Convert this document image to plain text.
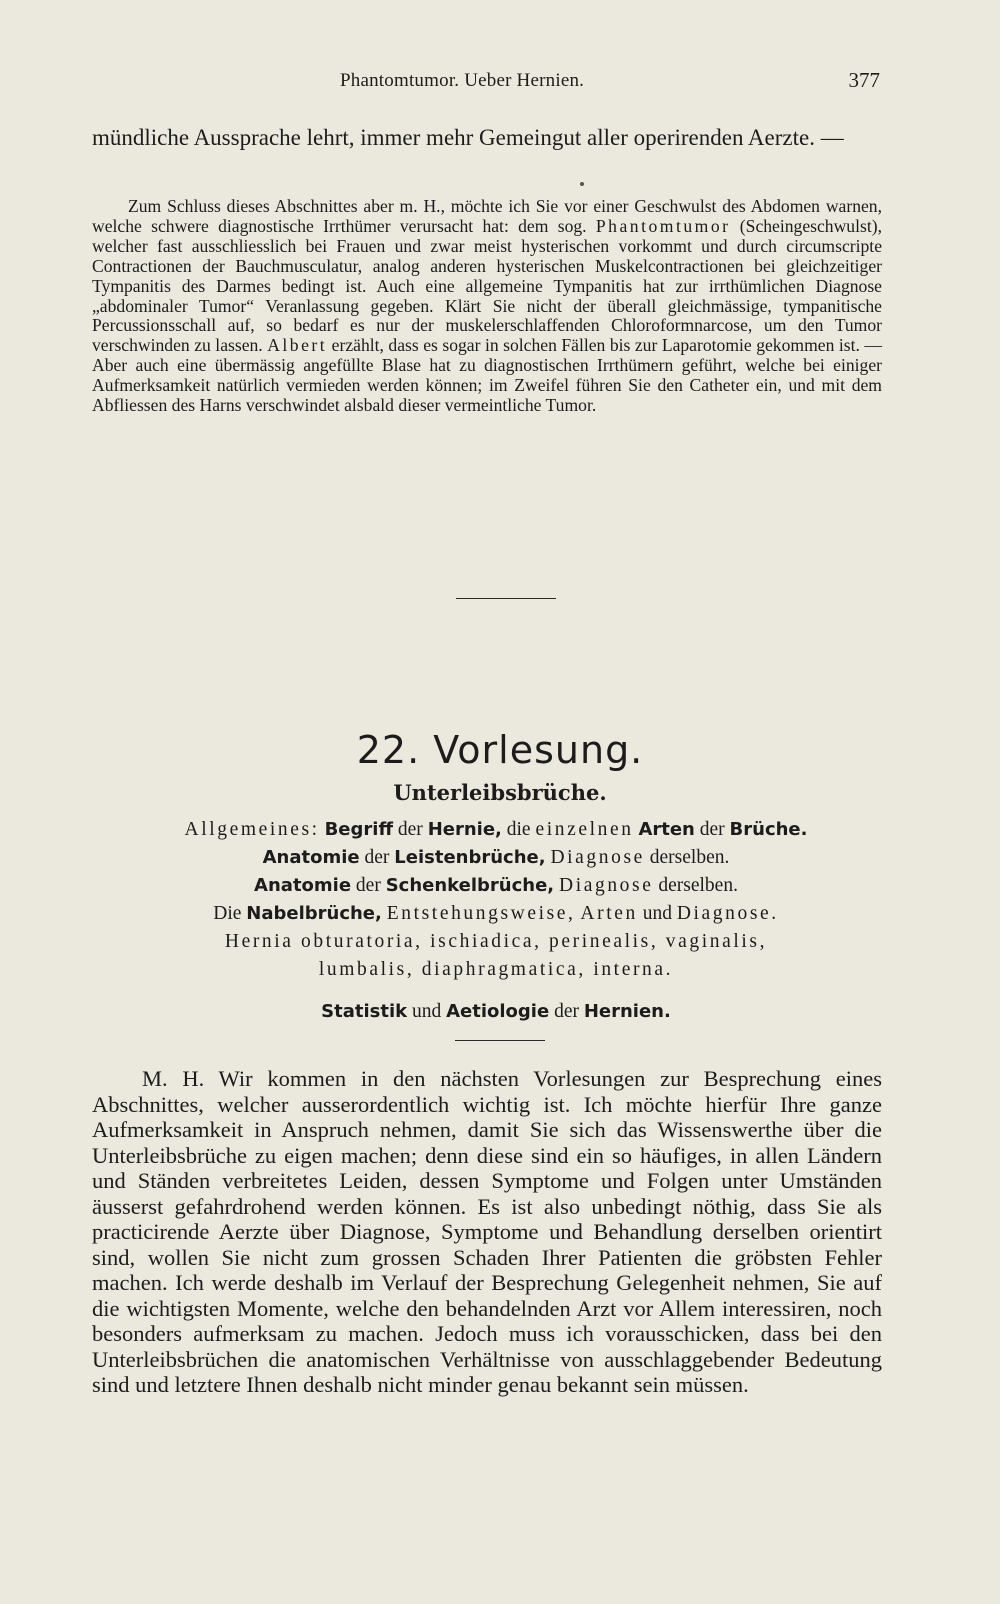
Phantomtumor. Ueber Hernien.	377

mündliche Aussprache lehrt, immer mehr Gemeingut aller operirenden Aerzte. —

Zum Schluss dieses Abschnittes aber m. H., möchte ich Sie vor einer Geschwulst des Abdomen warnen, welche schwere diagnostische Irrthümer verursacht hat: dem sog. Phantomtumor (Scheingeschwulst), welcher fast ausschliesslich bei Frauen und zwar meist hysterischen vorkommt und durch circumscripte Contractionen der Bauchmusculatur, analog anderen hysterischen Muskelcontractionen bei gleichzeitiger Tympanitis des Darmes bedingt ist. Auch eine allgemeine Tympanitis hat zur irrthümlichen Diagnose „abdominaler Tumor“ Veranlassung gegeben. Klärt Sie nicht der überall gleichmässige, tympanitische Percussionsschall auf, so bedarf es nur der muskelerschlaffenden Chloroformnarcose, um den Tumor verschwinden zu lassen. Albert erzählt, dass es sogar in solchen Fällen bis zur Laparotomie gekommen ist. — Aber auch eine übermässig angefüllte Blase hat zu diagnostischen Irrthümern geführt, welche bei einiger Aufmerksamkeit natürlich vermieden werden können; im Zweifel führen Sie den Catheter ein, und mit dem Abfliessen des Harns verschwindet alsbald dieser vermeintliche Tumor.

22. Vorlesung.
Unterleibsbrüche.
Allgemeines: Begriff der Hernie, die einzelnen Arten der Brüche.
Anatomie der Leistenbrüche, Diagnose derselben.
Anatomie der Schenkelbrüche, Diagnose derselben.
Die Nabelbrüche, Entstehungsweise, Arten und Diagnose.
Hernia obturatoria, ischiadica, perinealis, vaginalis,
lumbalis, diaphragmatica, interna.
Statistik und Aetiologie der Hernien.

M. H. Wir kommen in den nächsten Vorlesungen zur Besprechung eines Abschnittes, welcher ausserordentlich wichtig ist. Ich möchte hierfür Ihre ganze Aufmerksamkeit in Anspruch nehmen, damit Sie sich das Wissenswerthe über die Unterleibsbrüche zu eigen machen; denn diese sind ein so häufiges, in allen Ländern und Ständen verbreitetes Leiden, dessen Symptome und Folgen unter Umständen äusserst gefahrdrohend werden können. Es ist also unbedingt nöthig, dass Sie als practicirende Aerzte über Diagnose, Symptome und Behandlung derselben orientirt sind, wollen Sie nicht zum grossen Schaden Ihrer Patienten die gröbsten Fehler machen. Ich werde deshalb im Verlauf der Besprechung Gelegenheit nehmen, Sie auf die wichtigsten Momente, welche den behandelnden Arzt vor Allem interessiren, noch besonders aufmerksam zu machen. Jedoch muss ich vorausschicken, dass bei den Unterleibsbrüchen die anatomischen Verhältnisse von ausschlaggebender Bedeutung sind und letztere Ihnen deshalb nicht minder genau bekannt sein müssen.
